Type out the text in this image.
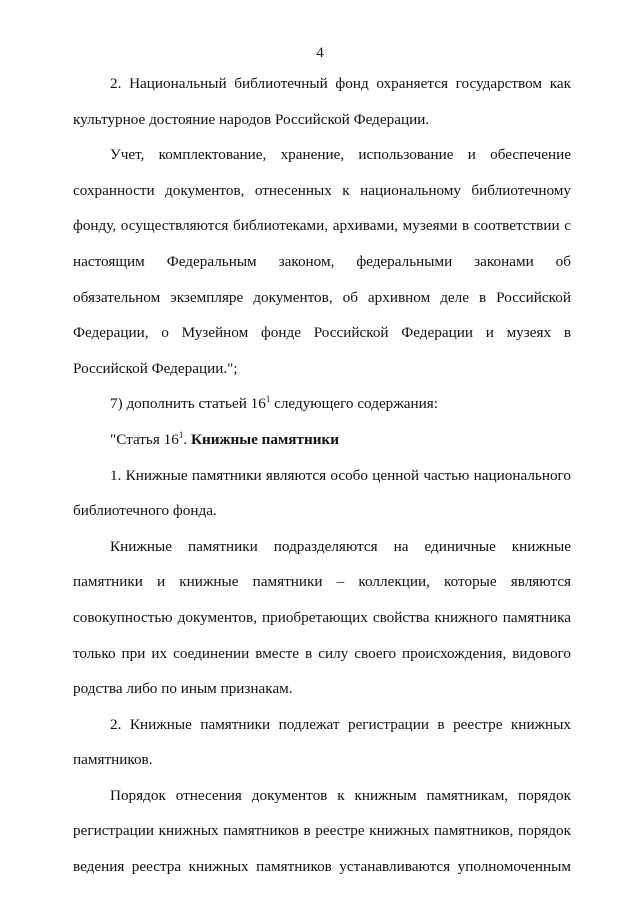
4

2. Национальный библиотечный фонд охраняется государством как культурное достояние народов Российской Федерации.

Учет, комплектование, хранение, использование и обеспечение сохранности документов, отнесенных к национальному библиотечному фонду, осуществляются библиотеками, архивами, музеями в соответствии с настоящим Федеральным законом, федеральными законами об обязательном экземпляре документов, об архивном деле в Российской Федерации, о Музейном фонде Российской Федерации и музеях в Российской Федерации.";

7) дополнить статьей $16^1$ следующего содержания:

"Статья $16^1$. Книжные памятники

1. Книжные памятники являются особо ценной частью национального библиотечного фонда.

Книжные памятники подразделяются на единичные книжные памятники и книжные памятники – коллекции, которые являются совокупностью документов, приобретающих свойства книжного памятника только при их соединении вместе в силу своего происхождения, видового родства либо по иным признакам.

2. Книжные памятники подлежат регистрации в реестре книжных памятников.

Порядок отнесения документов к книжным памятникам, порядок регистрации книжных памятников в реестре книжных памятников, порядок ведения реестра книжных памятников устанавливаются уполномоченным
